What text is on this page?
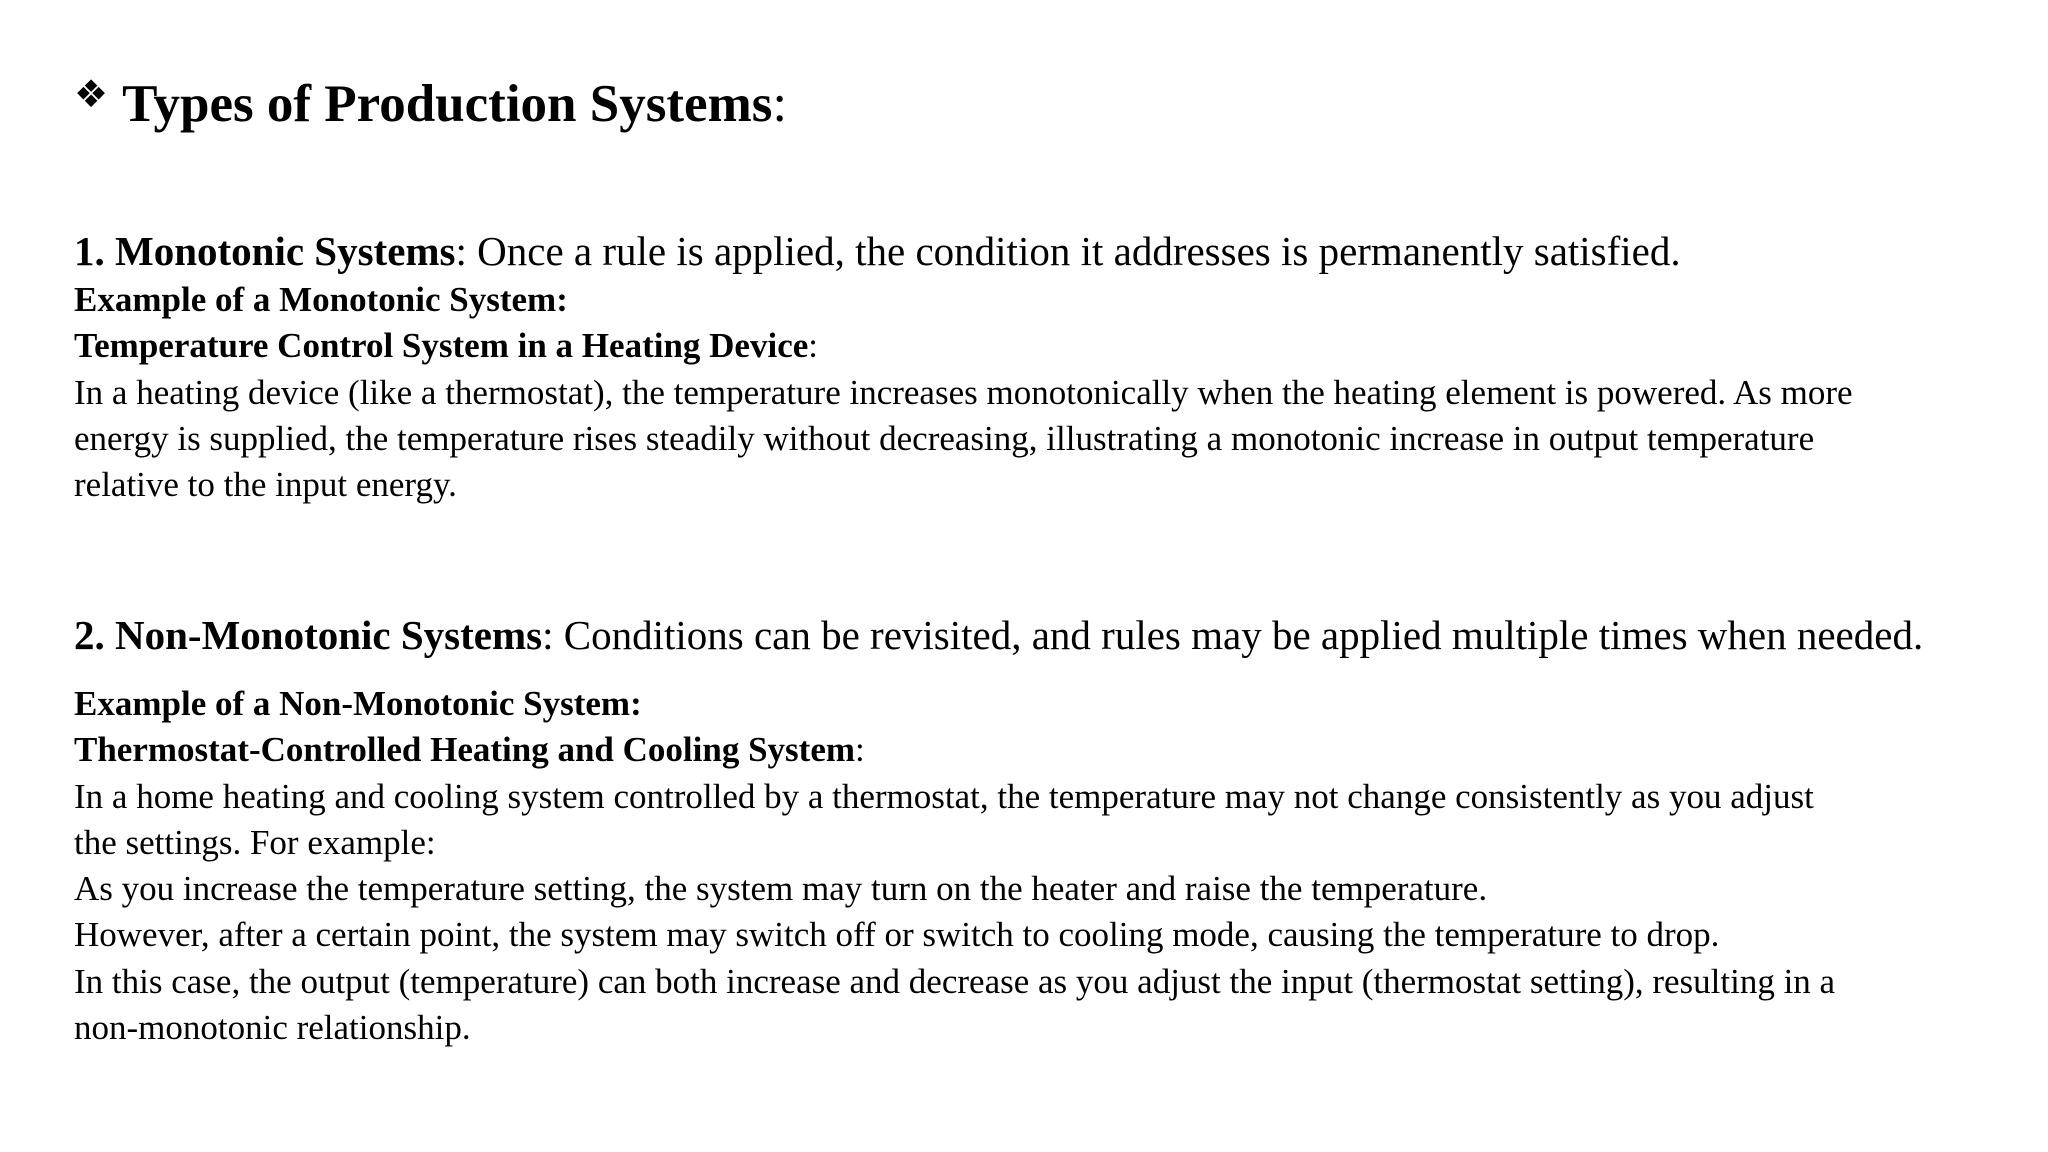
❖ Types of Production Systems :
1. Monotonic Systems: Once a rule is applied, the condition it addresses is permanently satisfied.
Example of a Monotonic System:
Temperature Control System in a Heating Device:
In a heating device (like a thermostat), the temperature increases monotonically when the heating element is powered. As more
energy is supplied, the temperature rises steadily without decreasing, illustrating a monotonic increase in output temperature
relative to the input energy.
2. Non-Monotonic Systems: Conditions can be revisited, and rules may be applied multiple times when needed.
Example of a Non-Monotonic System:
Thermostat-Controlled Heating and Cooling System:
In a home heating and cooling system controlled by a thermostat, the temperature may not change consistently as you adjust
the settings. For example:
As you increase the temperature setting, the system may turn on the heater and raise the temperature.
However, after a certain point, the system may switch off or switch to cooling mode, causing the temperature to drop.
In this case, the output (temperature) can both increase and decrease as you adjust the input (thermostat setting), resulting in a
non-monotonic relationship.
